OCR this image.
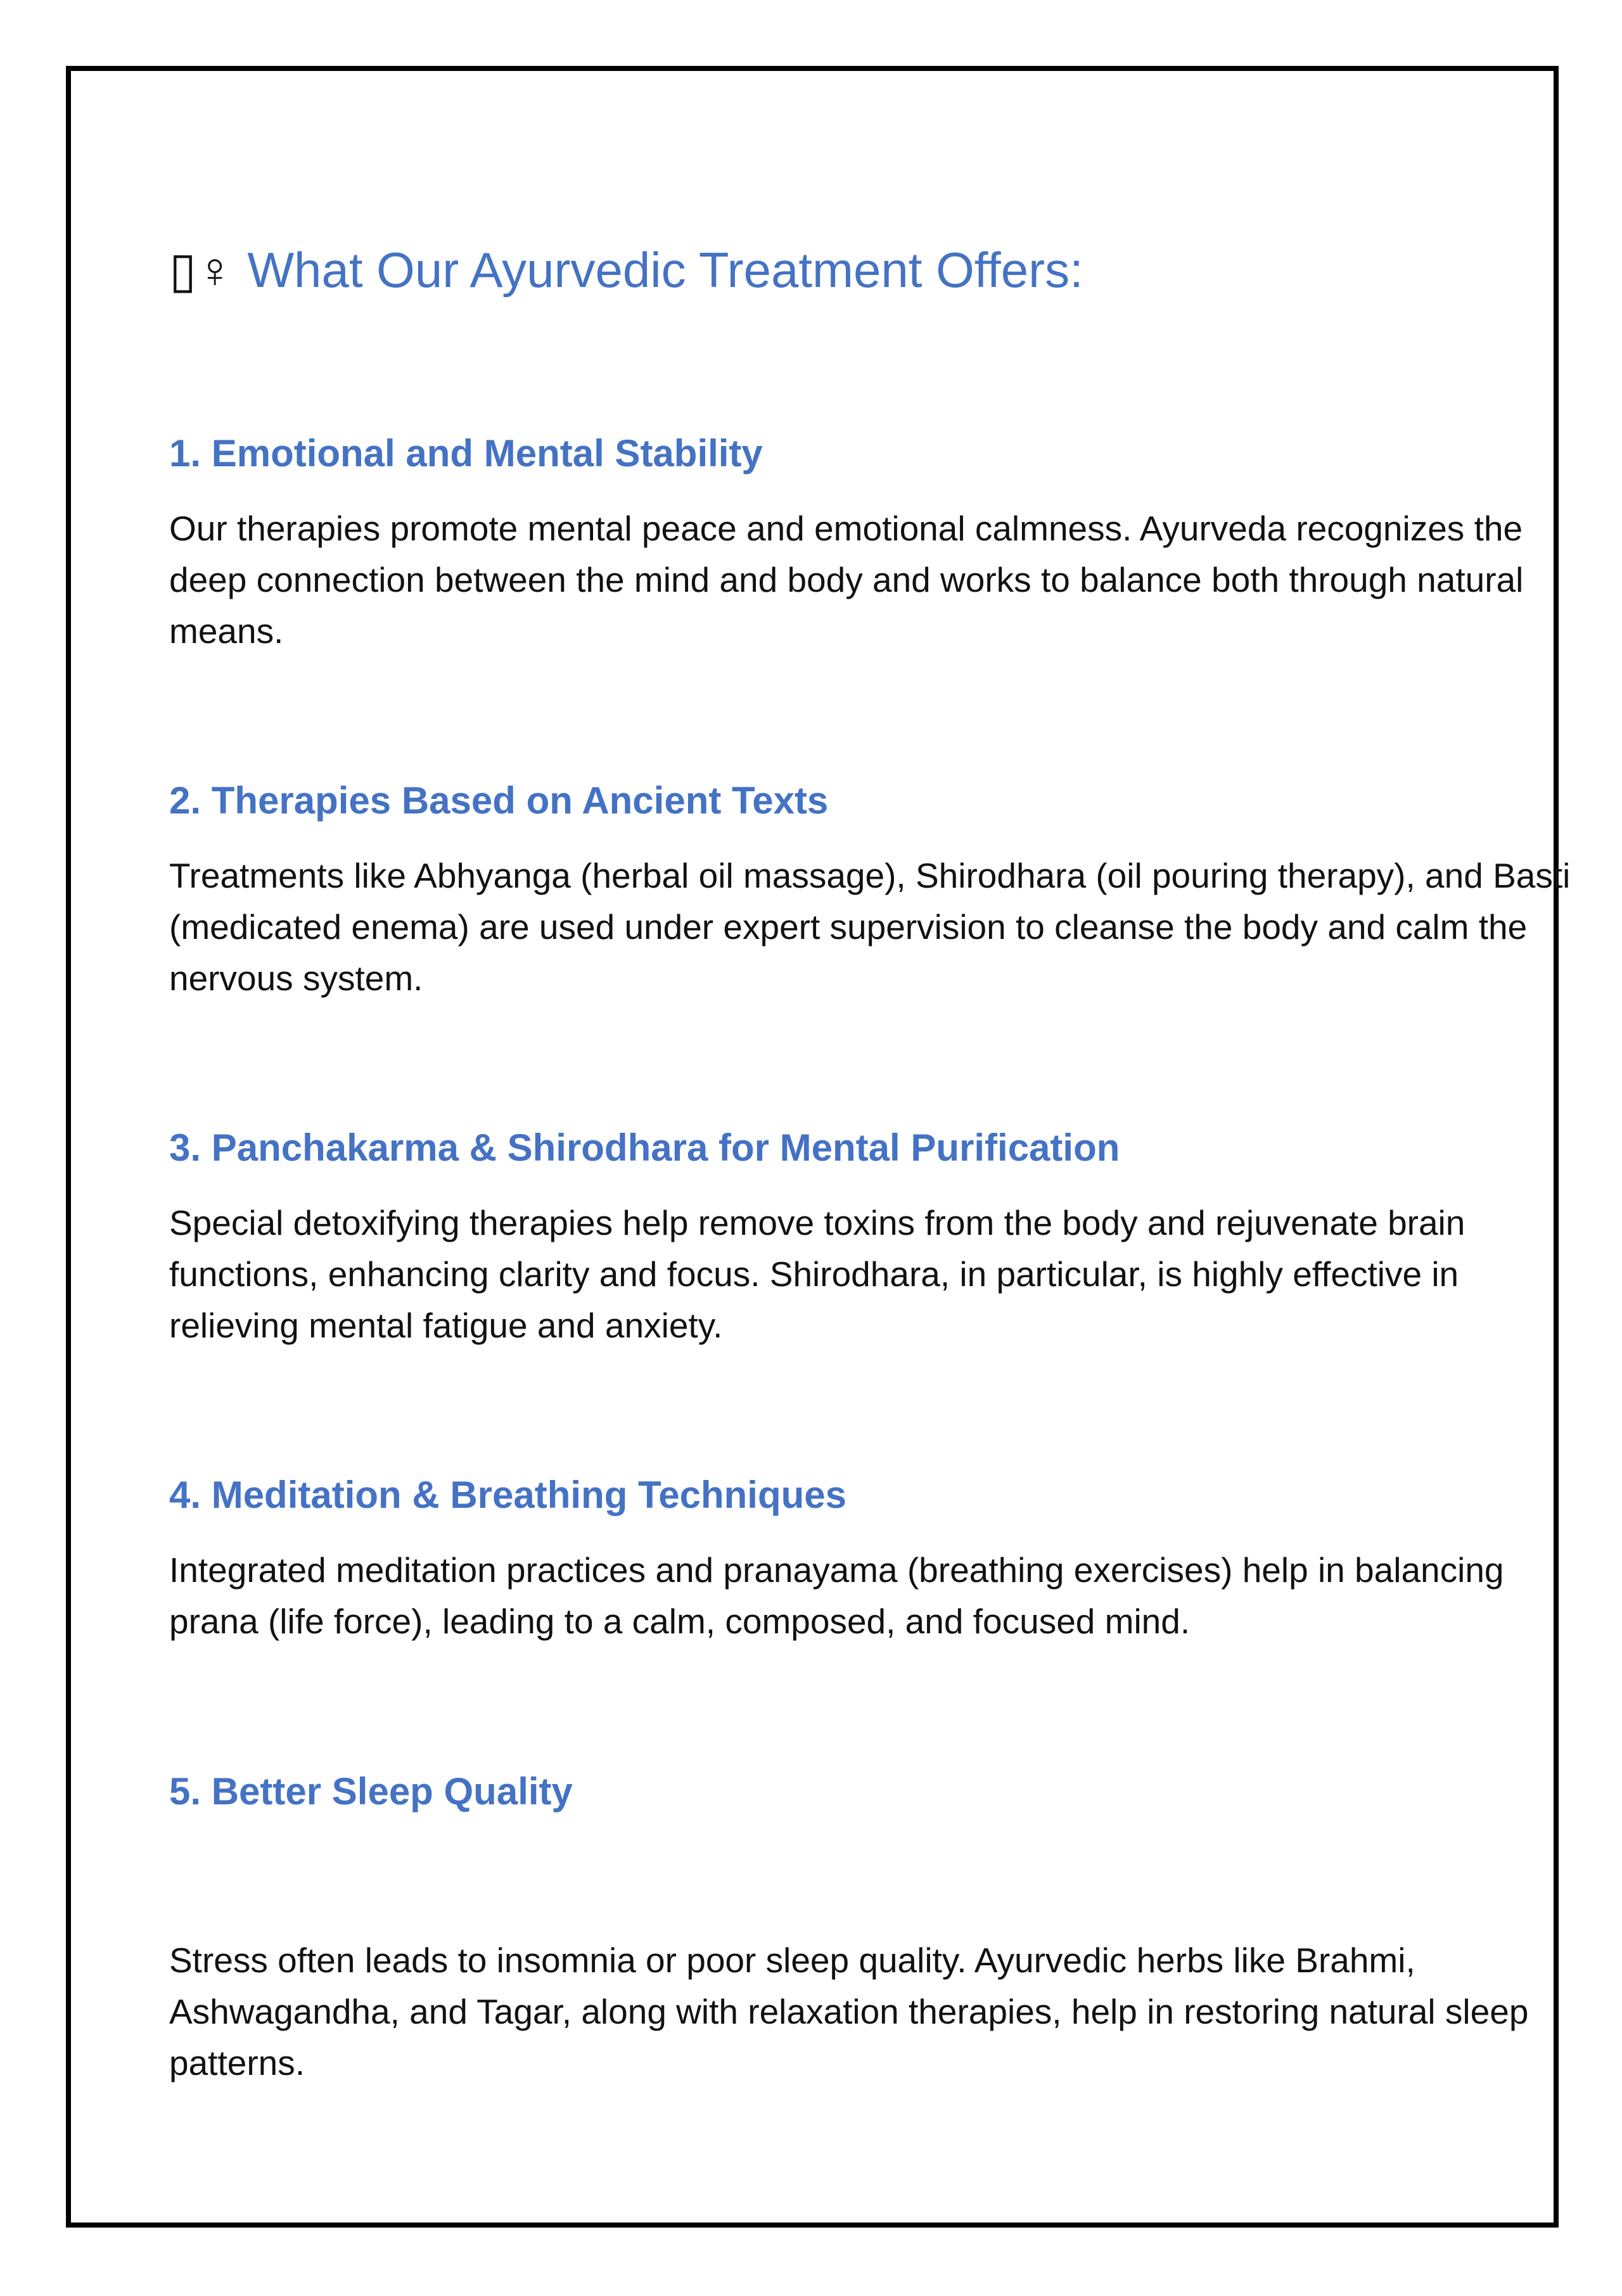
▯♀ What Our Ayurvedic Treatment Offers:
1. Emotional and Mental Stability

Our therapies promote mental peace and emotional calmness. Ayurveda recognizes the deep connection between the mind and body and works to balance both through natural means.

2. Therapies Based on Ancient Texts

Treatments like Abhyanga (herbal oil massage), Shirodhara (oil pouring therapy), and Basti (medicated enema) are used under expert supervision to cleanse the body and calm the nervous system.

3. Panchakarma & Shirodhara for Mental Purification

Special detoxifying therapies help remove toxins from the body and rejuvenate brain functions, enhancing clarity and focus. Shirodhara, in particular, is highly effective in relieving mental fatigue and anxiety.

4. Meditation & Breathing Techniques

Integrated meditation practices and pranayama (breathing exercises) help in balancing prana (life force), leading to a calm, composed, and focused mind.

5. Better Sleep Quality

Stress often leads to insomnia or poor sleep quality. Ayurvedic herbs like Brahmi, Ashwagandha, and Tagar, along with relaxation therapies, help in restoring natural sleep patterns.
